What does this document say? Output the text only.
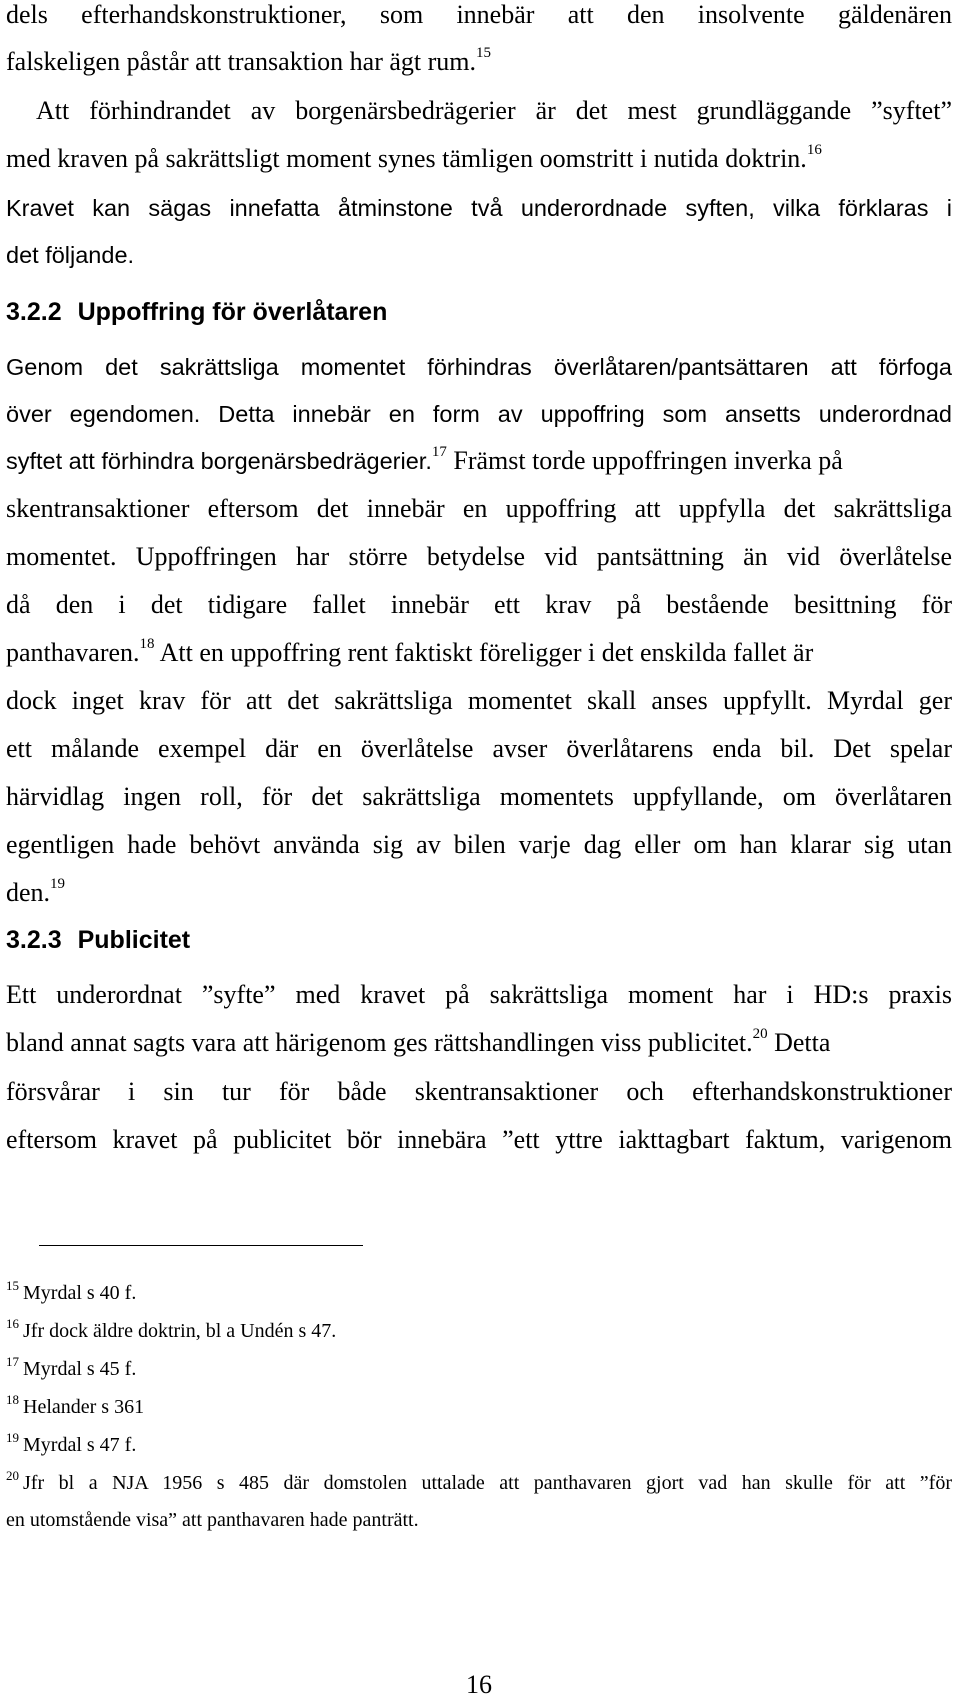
dels efterhandskonstruktioner, som innebär att den insolvente gäldenären
falskeligen påstår att transaktion har ägt rum.$^{15}$
Att förhindrandet av borgenärsbedrägerier är det mest grundläggande ”syftet”
med kraven på sakrättsligt moment synes tämligen oomstritt i nutida doktrin.$^{16}$
Kravet kan sägas innefatta åtminstone två underordnade syften, vilka förklaras i
det följande.
3.2.2 Uppoffring för överlåtaren
Genom det sakrättsliga momentet förhindras överlåtaren/pantsättaren att förfoga
över egendomen. Detta innebär en form av uppoffring som ansetts underordnad
syftet att förhindra borgenärsbedrägerier.$^{17}$ Främst torde uppoffringen inverka på
skentransaktioner eftersom det innebär en uppoffring att uppfylla det sakrättsliga
momentet. Uppoffringen har större betydelse vid pantsättning än vid överlåtelse
då den i det tidigare fallet innebär ett krav på bestående besittning för
panthavaren.$^{18}$ Att en uppoffring rent faktiskt föreligger i det enskilda fallet är
dock inget krav för att det sakrättsliga momentet skall anses uppfyllt. Myrdal ger
ett målande exempel där en överlåtelse avser överlåtarens enda bil. Det spelar
härvidlag ingen roll, för det sakrättsliga momentets uppfyllande, om överlåtaren
egentligen hade behövt använda sig av bilen varje dag eller om han klarar sig utan
den.$^{19}$
3.2.3 Publicitet
Ett underordnat ”syfte” med kravet på sakrättsliga moment har i HD:s praxis
bland annat sagts vara att härigenom ges rättshandlingen viss publicitet.$^{20}$ Detta
försvårar i sin tur för både skentransaktioner och efterhandskonstruktioner
eftersom kravet på publicitet bör innebära ”ett yttre iakttagbart faktum, varigenom
$^{15}$ Myrdal s 40 f.
$^{16}$ Jfr dock äldre doktrin, bl a Undén s 47.
$^{17}$ Myrdal s 45 f.
$^{18}$ Helander s 361
$^{19}$ Myrdal s 47 f.
$^{20}$ Jfr bl a NJA 1956 s 485 där domstolen uttalade att panthavaren gjort vad han skulle för att ”för
en utomstående visa” att panthavaren hade panträtt.
16
